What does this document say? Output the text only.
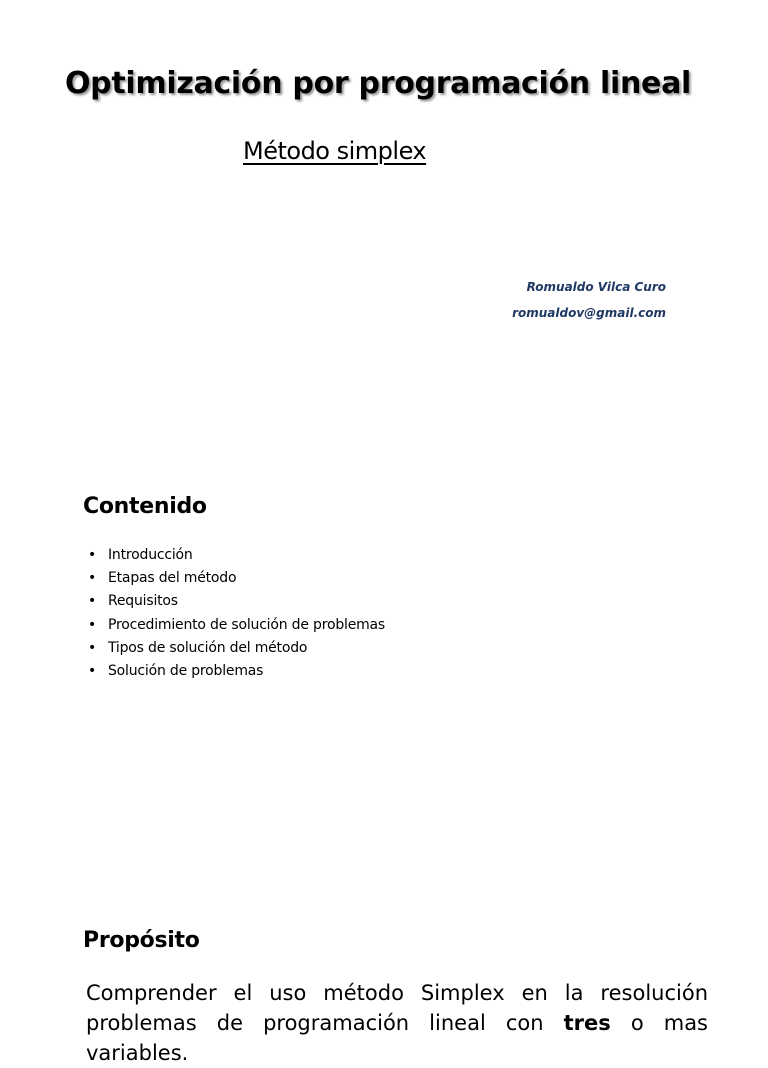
Optimización por programación lineal
Método simplex
Romualdo Vilca Curo
romualdov@gmail.com
Contenido
• Introducción
• Etapas del método
• Requisitos
• Procedimiento de solución de problemas
• Tipos de solución del método
• Solución de problemas
Propósito

Comprender el uso método Simplex en la resolución problemas de programación lineal con tres o mas variables.
